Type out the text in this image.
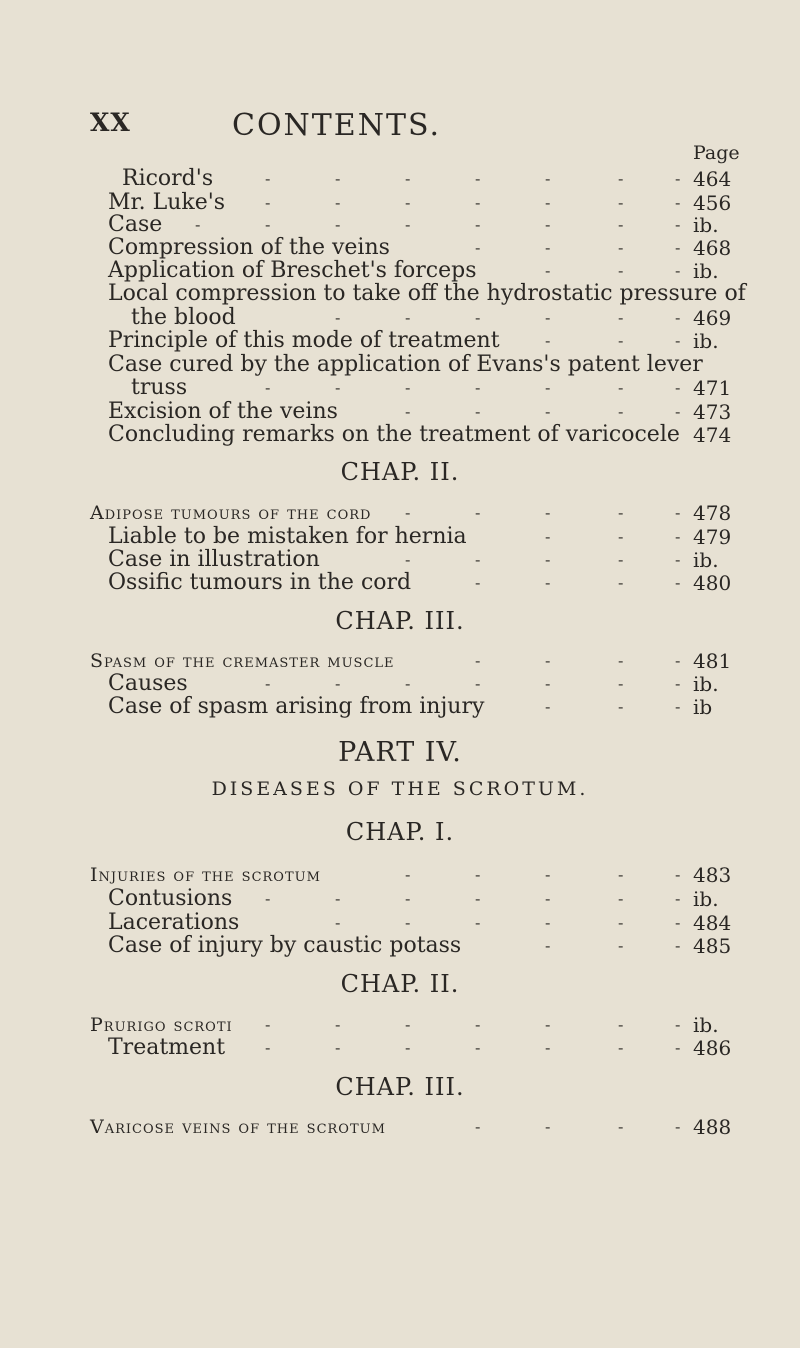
XX	CONTENTS.
Page
Ricord's	464
-	-	-	-	-	-	-
Mr. Luke's	456
-	-	-	-	-	-	-
Case	ib.
-	-	-	-	-	-	-	-
Compression of the veins	468
-	-	-	-
Application of Breschet's forceps	ib.
-	-	-
Local compression to take off the hydrostatic pressure of
the blood	469
-	-	-	-	-	-
Principle of this mode of treatment	ib.
-	-	-
Case cured by the application of Evans's patent lever
truss	471
-	-	-	-	-	-	-
Excision of the veins	473
-	-	-	-	-
Concluding remarks on the treatment of varicocele 474
CHAP. II.
Adipose tumours of the cord	478
-	-	-	-	-
Liable to be mistaken for hernia	479
-	-	-
Case in illustration	ib.
-	-	-	-	-
Ossific tumours in the cord	480
-	-	-	-
CHAP. III.
Spasm of the cremaster muscle	481
-	-	-	-
Causes	ib.
-	-	-	-	-	-	-
Case of spasm arising from injury	ib
-	-	-
PART IV.
DISEASES OF THE SCROTUM.
CHAP. I.
Injuries of the scrotum	483
-	-	-	-	-
Contusions	ib.
-	-	-	-	-	-	-
Lacerations	484
-	-	-	-	-	-
Case of injury by caustic potass	485
-	-	-
CHAP. II.
Prurigo scroti	ib.
-	-	-	-	-	-	-
Treatment	486
-	-	-	-	-	-	-
CHAP. III.
Varicose veins of the scrotum	488
-	-	-	-
